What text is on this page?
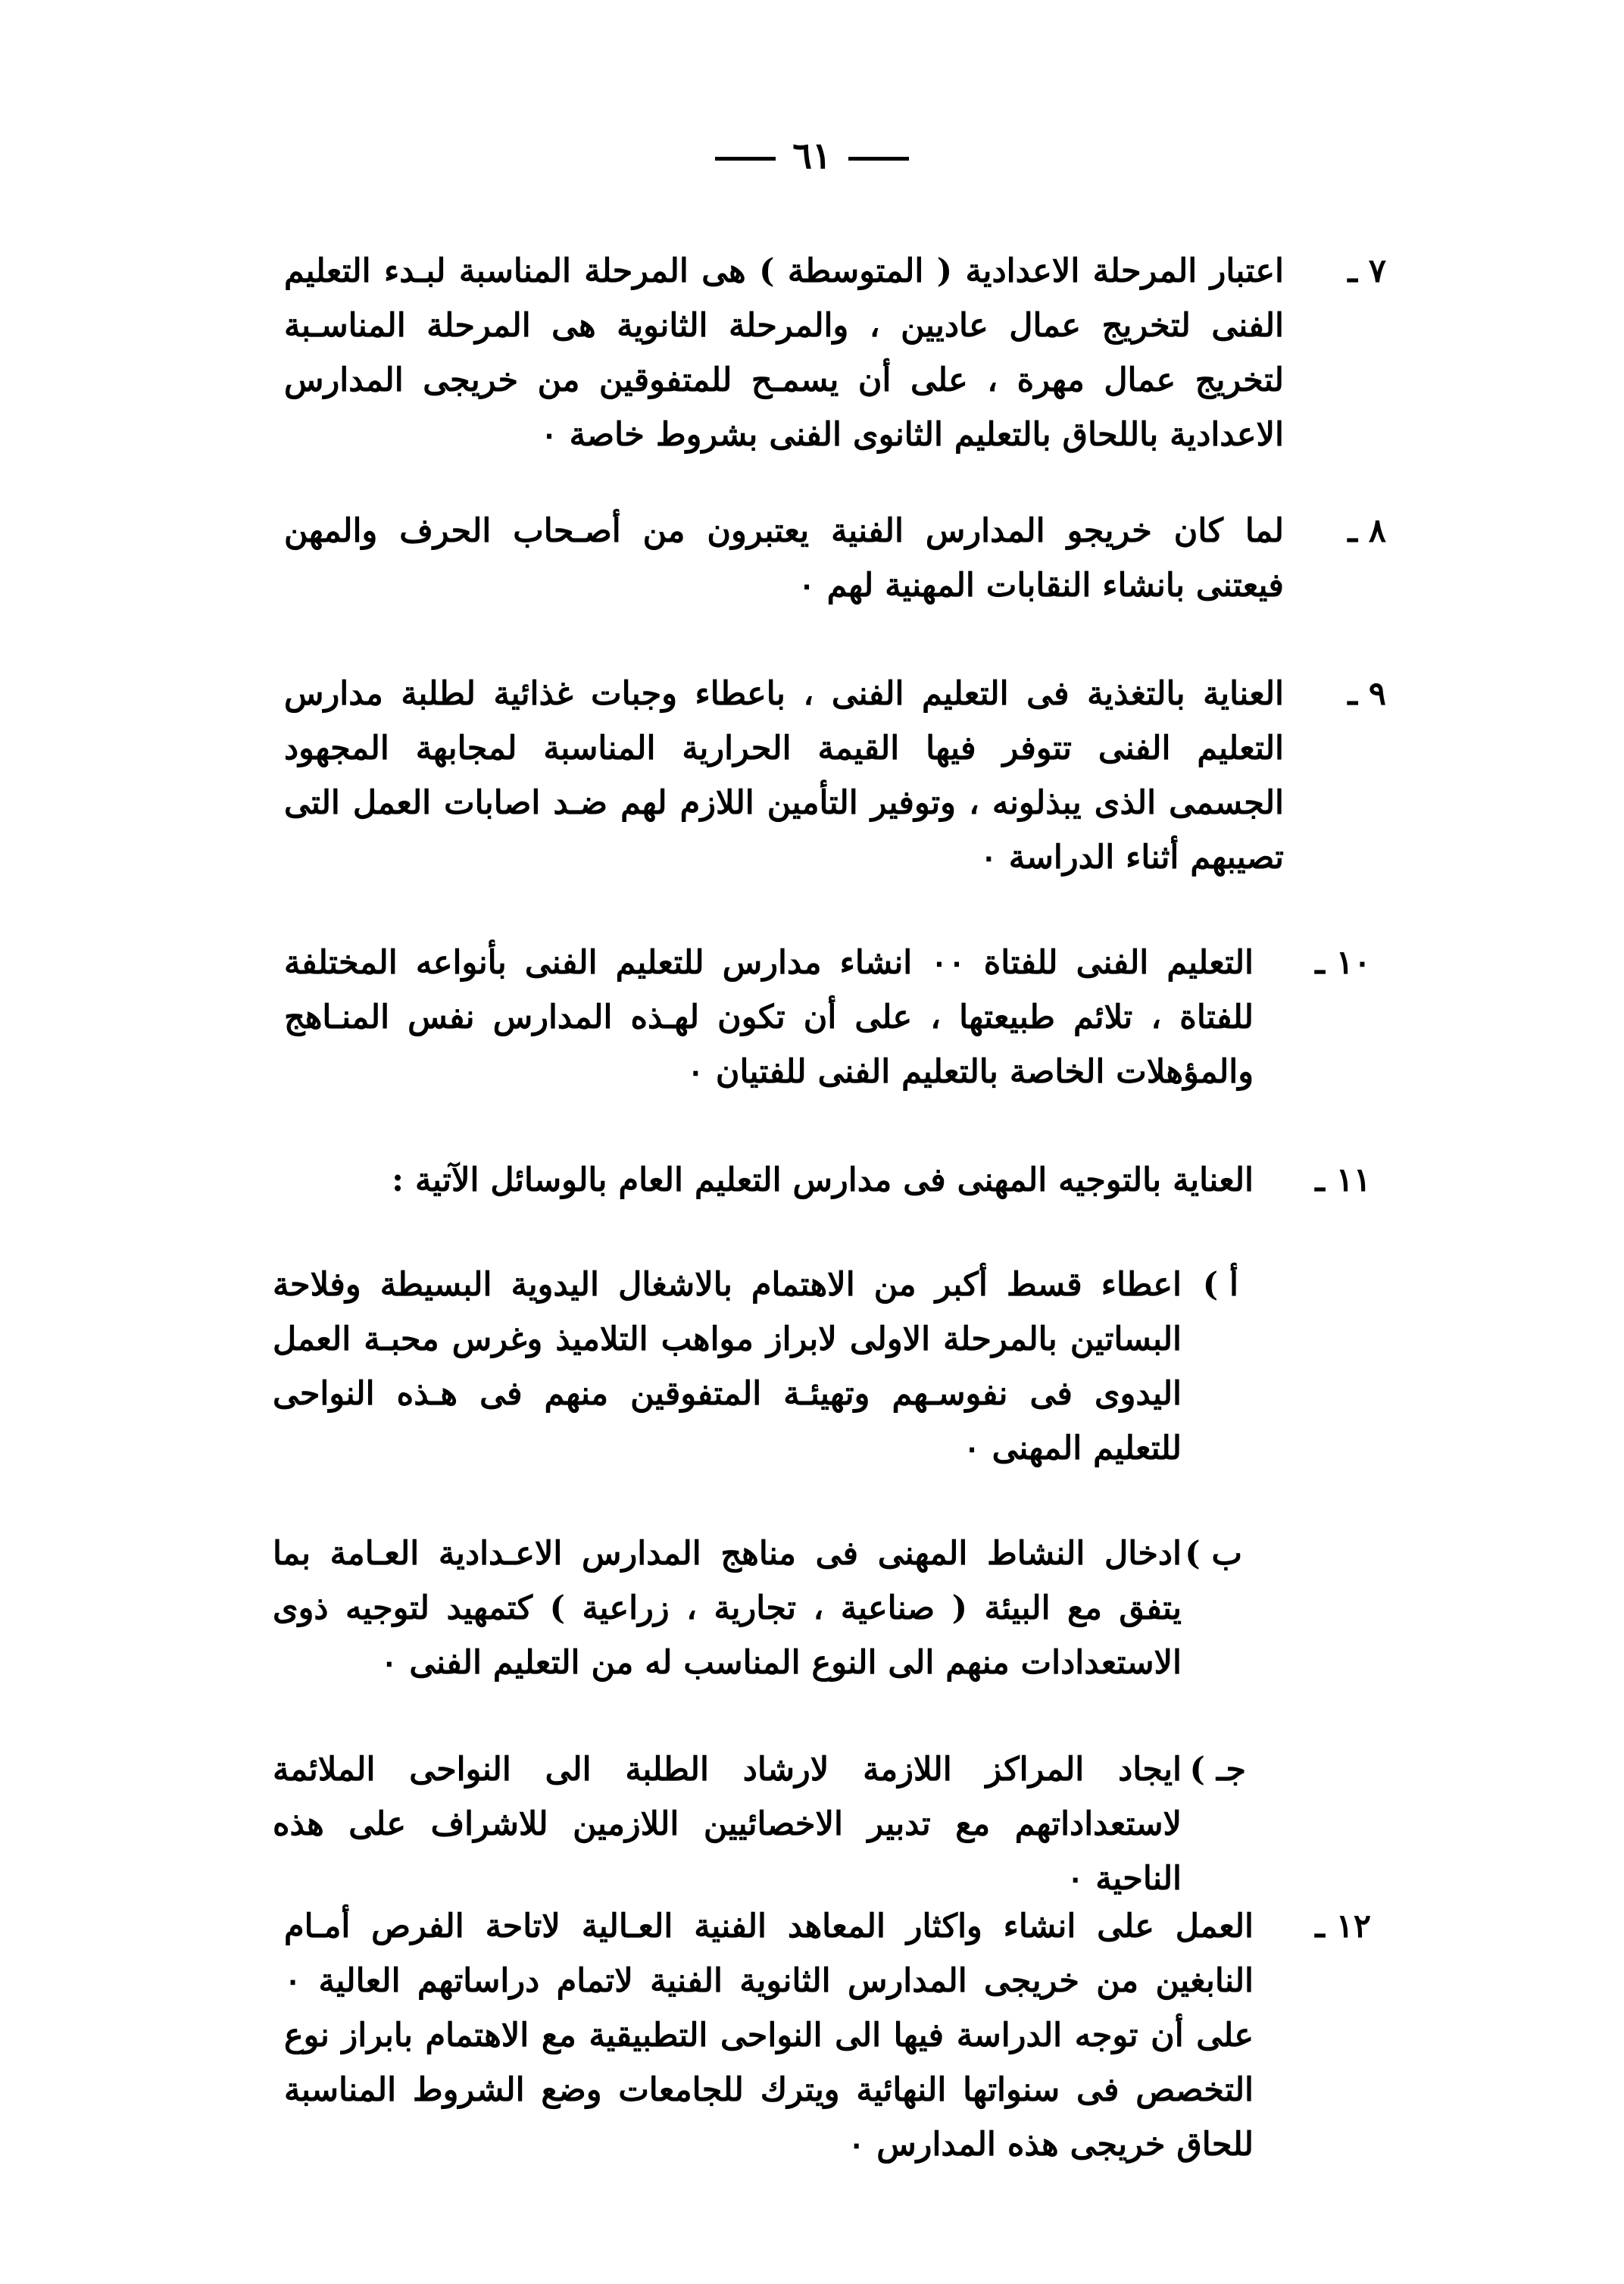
٦١
٧ ـ
اعتبار المرحلة الاعدادية ( المتوسطة ) هى المرحلة المناسبة لبـدء التعليم الفنى لتخريج عمال عاديين ، والمرحلة الثانوية هى المرحلة المناسـبة لتخريج عمال مهرة ، على أن يسمـح للمتفوقين من خريجى المدارس الاعدادية باللحاق بالتعليم الثانوى الفنى بشروط خاصة ٠
٨ ـ
لما كان خريجو المدارس الفنية يعتبرون من أصـحاب الحرف والمهن فيعتنى بانشاء النقابات المهنية لهم ٠
٩ ـ
العناية بالتغذية فى التعليم الفنى ، باعطاء وجبات غذائية لطلبة مدارس التعليم الفنى تتوفر فيها القيمة الحرارية المناسبة لمجابهة المجهود الجسمى الذى يبذلونه ، وتوفير التأمين اللازم لهم ضـد اصابات العمل التى تصيبهم أثناء الدراسة ٠
١٠ ـ
التعليم الفنى للفتاة ٠٠ انشاء مدارس للتعليم الفنى بأنواعه المختلفة للفتاة ، تلائم طبيعتها ، على أن تكون لهـذه المدارس نفس المنـاهج والمؤهلات الخاصة بالتعليم الفنى للفتيان ٠
١١ ـ
العناية بالتوجيه المهنى فى مدارس التعليم العام بالوسائل الآتية :
أ )
اعطاء قسط أكبر من الاهتمام بالاشغال اليدوية البسيطة وفلاحة البساتين بالمرحلة الاولى لابراز مواهب التلاميذ وغرس محبـة العمل اليدوى فى نفوسـهم وتهيئـة المتفوقين منهم فى هـذه النواحى للتعليم المهنى ٠
ب )
ادخال النشاط المهنى فى مناهج المدارس الاعـدادية العـامة بما يتفق مع البيئة ( صناعية ، تجارية ، زراعية ) كتمهيد لتوجيه ذوى الاستعدادات منهم الى النوع المناسب له من التعليم الفنى ٠
جـ )
ايجاد المراكز اللازمة لارشاد الطلبة الى النواحى الملائمة لاستعداداتهم مع تدبير الاخصائيين اللازمين للاشراف على هذه الناحية ٠
١٢ ـ
العمل على انشاء واكثار المعاهد الفنية العـالية لاتاحة الفرص أمـام النابغين من خريجى المدارس الثانوية الفنية لاتمام دراساتهم العالية ٠ على أن توجه الدراسة فيها الى النواحى التطبيقية مع الاهتمام بابراز نوع التخصص فى سنواتها النهائية ويترك للجامعات وضع الشروط المناسبة للحاق خريجى هذه المدارس ٠
